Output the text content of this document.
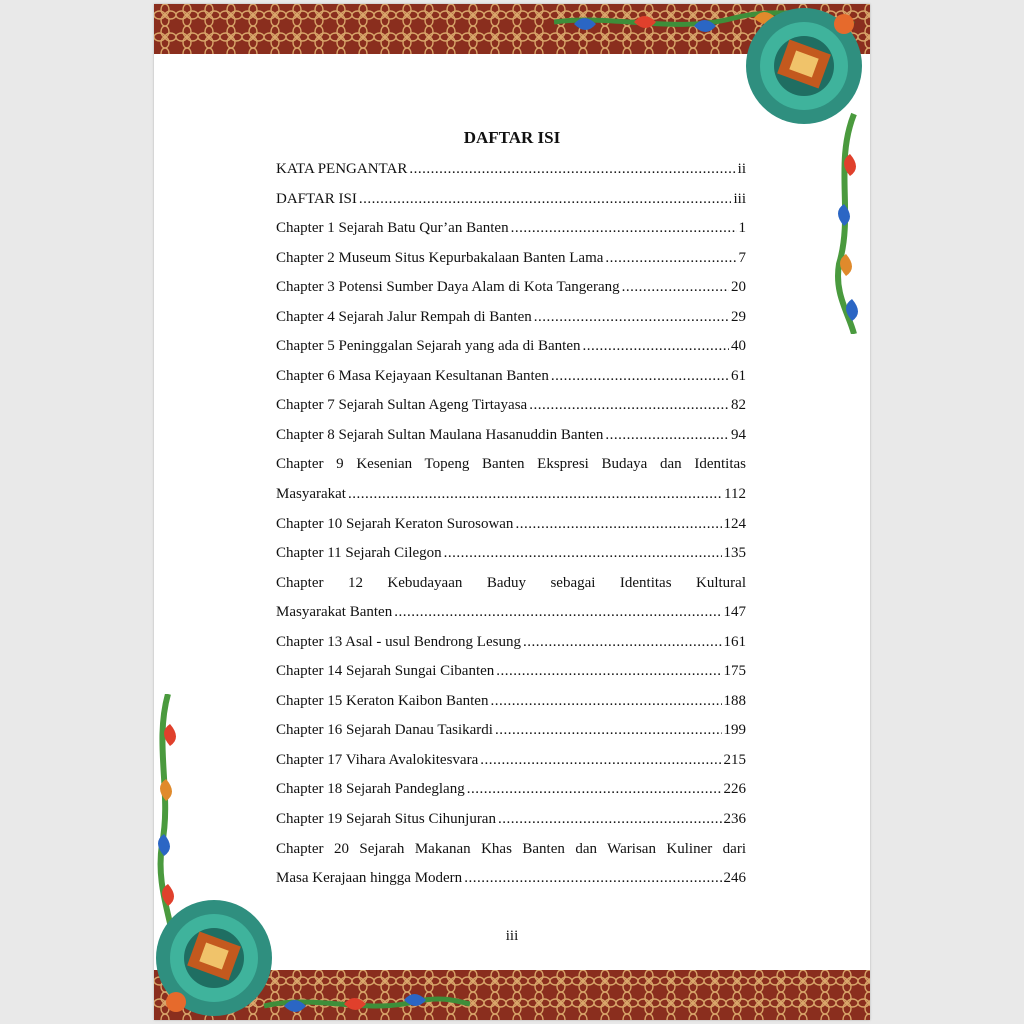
DAFTAR ISI
KATA PENGANTAR .....	ii
DAFTAR ISI .....	iii
Chapter 1 Sejarah Batu Qur’an Banten .....	1
Chapter 2 Museum Situs Kepurbakalaan Banten Lama .....	7
Chapter 3 Potensi Sumber Daya Alam di Kota Tangerang .....	20
Chapter 4 Sejarah Jalur Rempah di Banten .....	29
Chapter 5 Peninggalan Sejarah yang ada di Banten .....	40
Chapter 6 Masa Kejayaan Kesultanan Banten .....	61
Chapter 7 Sejarah Sultan Ageng Tirtayasa .....	82
Chapter 8 Sejarah Sultan Maulana Hasanuddin Banten .....	94
Chapter 9 Kesenian Topeng Banten Ekspresi Budaya dan Identitas
Masyarakat .....	112
Chapter 10 Sejarah Keraton Surosowan .....	124
Chapter 11 Sejarah Cilegon .....	135
Chapter 12 Kebudayaan Baduy sebagai Identitas Kultural
Masyarakat Banten .....	147
Chapter 13 Asal - usul Bendrong Lesung .....	161
Chapter 14 Sejarah Sungai Cibanten .....	175
Chapter 15 Keraton Kaibon Banten .....	188
Chapter 16 Sejarah Danau Tasikardi .....	199
Chapter 17 Vihara Avalokitesvara .....	215
Chapter 18 Sejarah Pandeglang .....	226
Chapter 19 Sejarah Situs Cihunjuran .....	236
Chapter 20 Sejarah Makanan Khas Banten dan Warisan Kuliner dari
Masa Kerajaan hingga Modern .....	246
iii
